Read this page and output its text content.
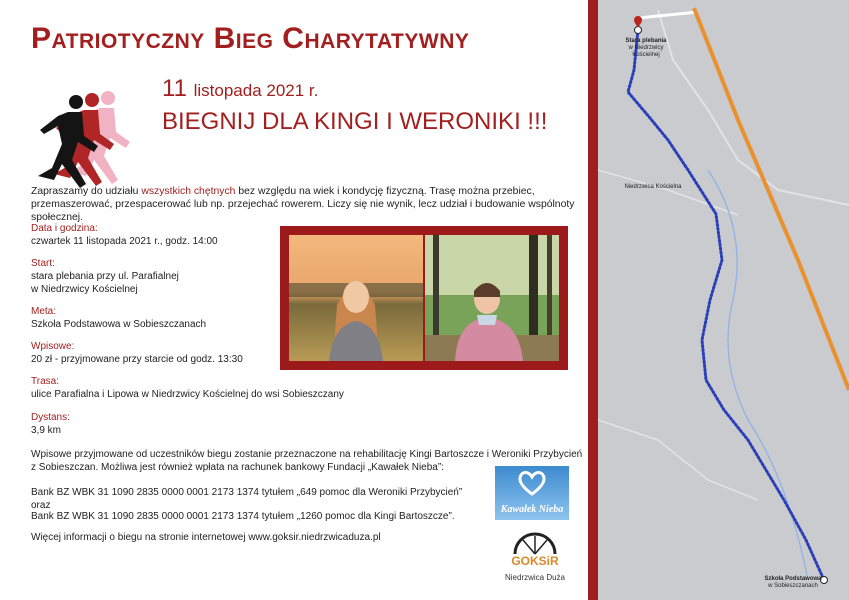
Patriotyczny Bieg Charytatywny
11 listopada 2021 r.
BIEGNIJ DLA KINGI I WERONIKI !!!
Zapraszamy do udziału wszystkich chętnych bez względu na wiek i kondycję fizyczną. Trasę można przebiec, przemaszerować, przespacerować lub np. przejechać rowerem. Liczy się nie wynik, lecz udział i budowanie wspólnoty społecznej.
Data i godzina:
czwartek 11 listopada 2021 r., godz. 14:00
Start:
stara plebania przy ul. Parafialnej
w Niedrzwicy Kościelnej
Meta:
Szkoła Podstawowa w Sobieszczanach
Wpisowe:
20 zł - przyjmowane przy starcie od godz. 13:30
Trasa:
ulice Parafialna i Lipowa w Niedrzwicy Kościelnej do wsi Sobieszczany
Dystans:
3,9 km
Wpisowe przyjmowane od uczestników biegu zostanie przeznaczone na rehabilitację Kingi Bartoszcze i Weroniki Przybycień z Sobieszczan. Możliwa jest również wpłata na rachunek bankowy Fundacji „Kawałek Nieba”:
Bank BZ WBK 31 1090 2835 0000 0001 2173 1374 tytułem „649 pomoc dla Weroniki Przybycień”
oraz
Bank BZ WBK 31 1090 2835 0000 0001 2173 1374 tytułem „1260 pomoc dla Kingi Bartoszcze”.
Więcej informacji o biegu na stronie internetowej www.goksir.niedrzwicaduza.pl
Kawałek Nieba
GOKSiR
Niedrzwica Duża
Stara plebania
w Niedrzwicy
Kościelnej
Niedrzwica Kościelna
Szkoła Podstawowa
w Sobieszczanach
